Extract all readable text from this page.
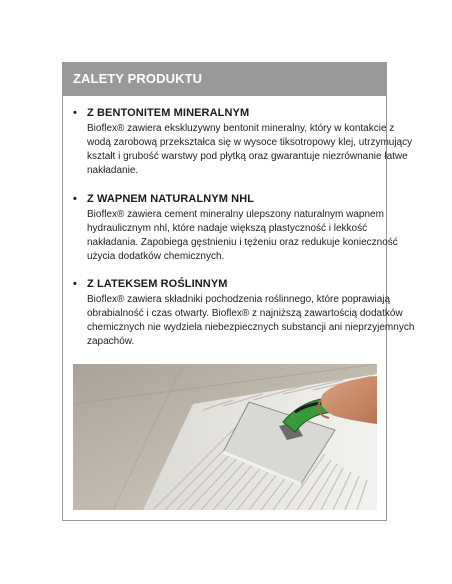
ZALETY PRODUKTU
• Z BENTONITEM MINERALNYM
Bioflex® zawiera ekskluzywny bentonit mineralny, który w kontakcie z
wodą zarobową przekształca się w wysoce tiksotropowy klej, utrzymujący
kształt i grubość warstwy pod płytką oraz gwarantuje niezrównanie łatwe
nakładanie.
• Z WAPNEM NATURALNYM NHL
Bioflex® zawiera cement mineralny ulepszony naturalnym wapnem
hydraulicznym nhl, które nadaje większą plastyczność i lekkość
nakładania. Zapobiega gęstnieniu i tężeniu oraz redukuje konieczność
użycia dodatków chemicznych.
• Z LATEKSEM ROŚLINNYM
Bioflex® zawiera składniki pochodzenia roślinnego, które poprawiają
obrabialność i czas otwarty. Bioflex® z najniższą zawartością dodatków
chemicznych nie wydziela niebezpiecznych substancji ani nieprzyjemnych
zapachów.
